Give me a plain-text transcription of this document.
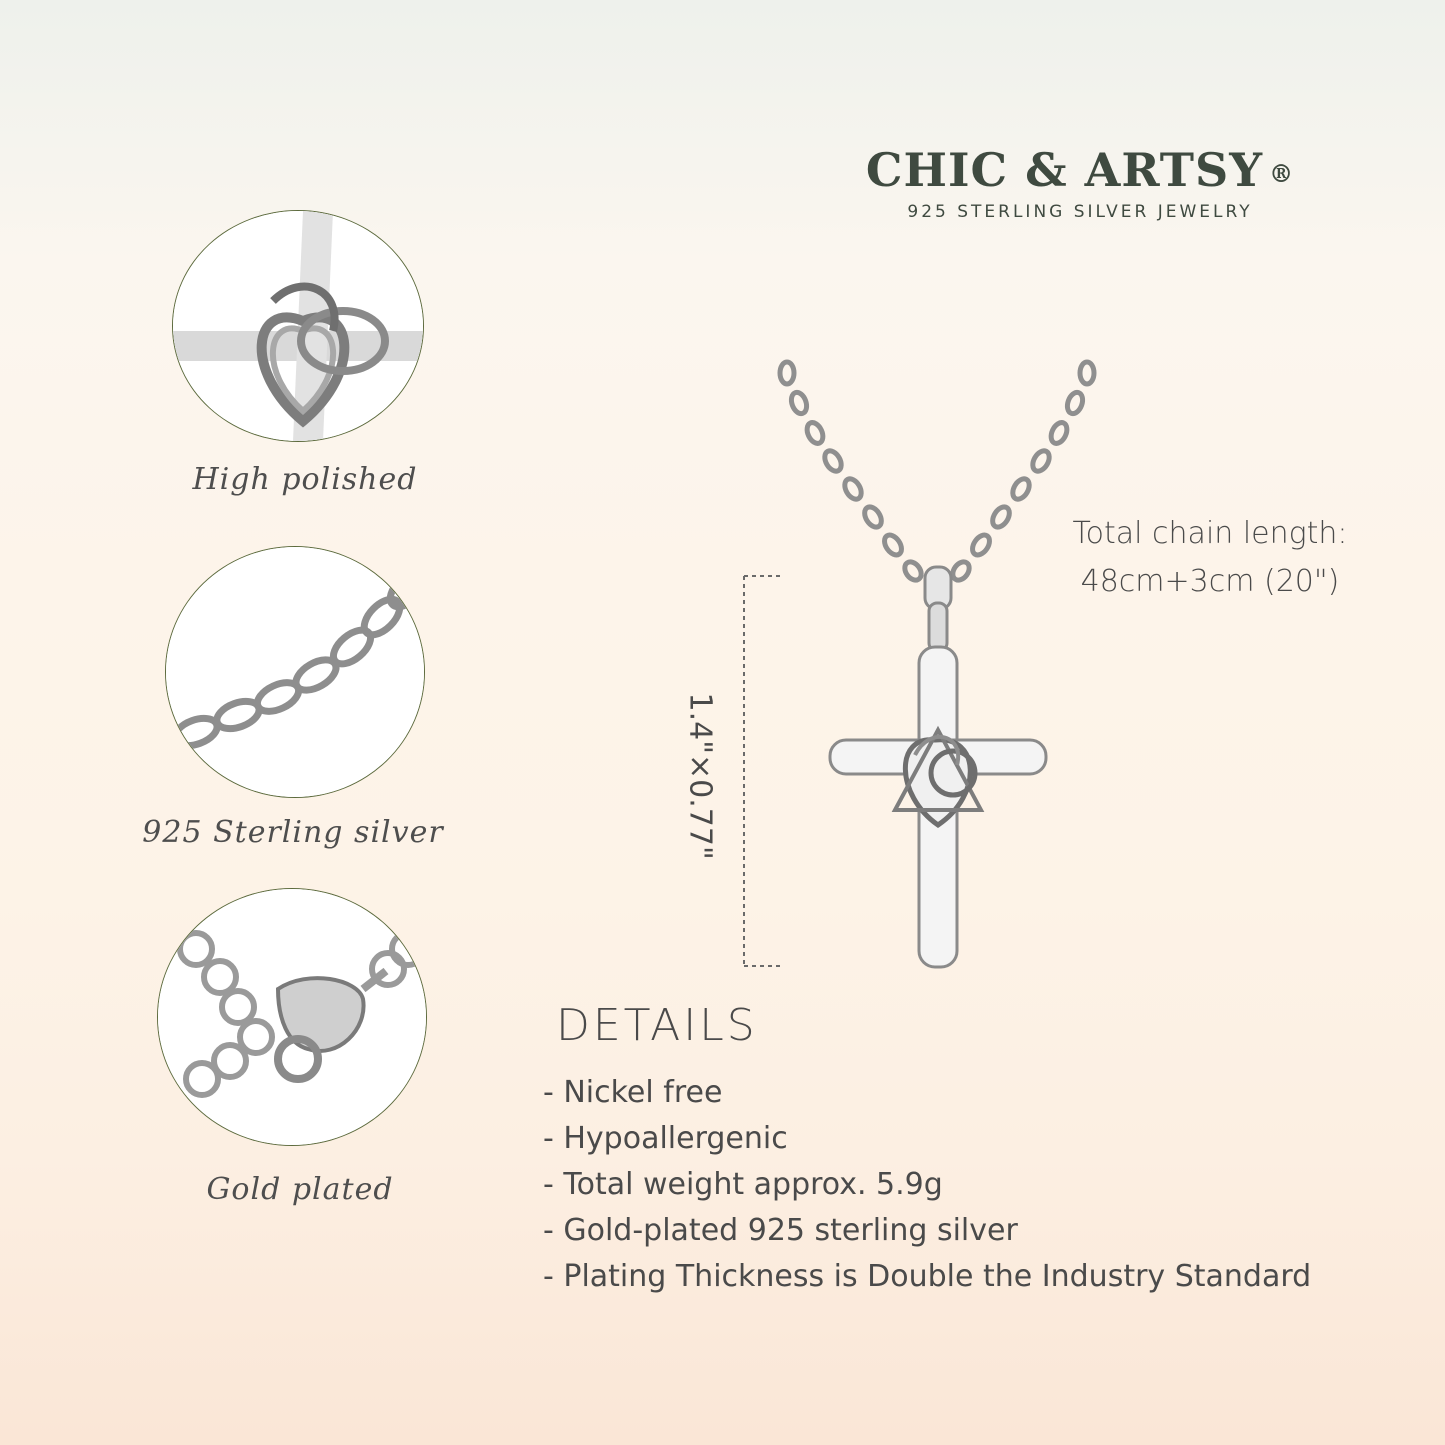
CHIC & ARTSY ®
925 STERLING SILVER JEWELRY
High polished
925 Sterling silver
Gold plated
1.4"×0.77"
Total chain length:
48cm+3cm (20")
DETAILS
- Nickel free
- Hypoallergenic
- Total weight approx. 5.9g
- Gold-plated 925 sterling silver
- Plating Thickness is Double the Industry Standard
